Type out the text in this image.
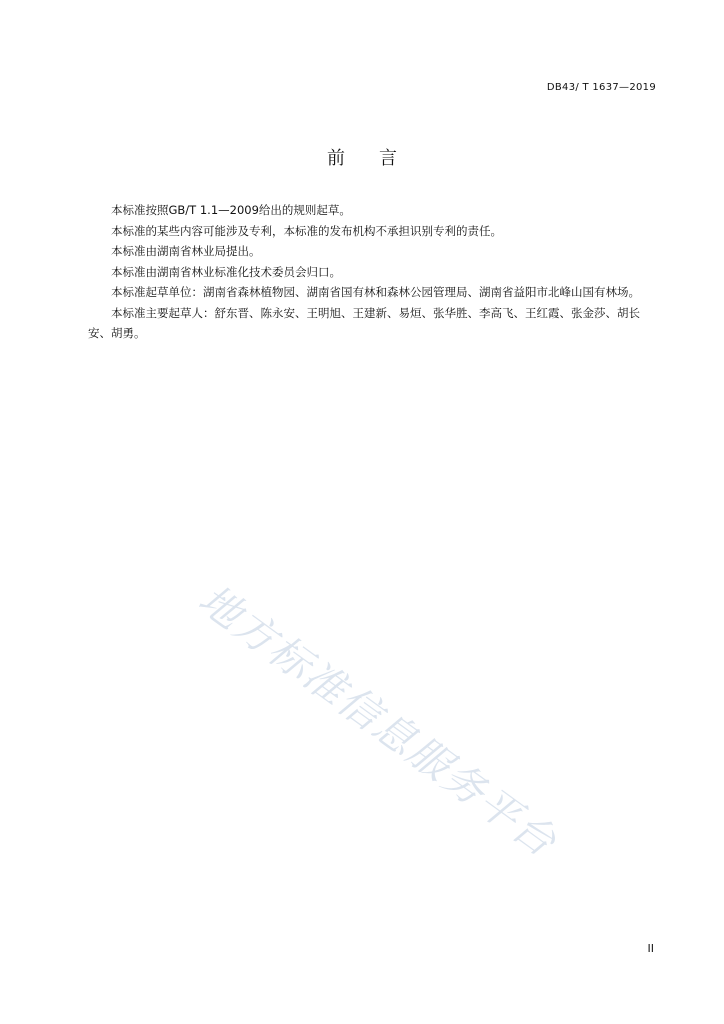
DB43/ T 1637—2019
前 言

本标准按照GB/T 1.1—2009给出的规则起草。

本标准的某些内容可能涉及专利，本标准的发布机构不承担识别专利的责任。

本标准由湖南省林业局提出。

本标准由湖南省林业标准化技术委员会归口。

本标准起草单位：湖南省森林植物园、湖南省国有林和森林公园管理局、湖南省益阳市北峰山国有林场。

本标准主要起草人：舒东晋、陈永安、王明旭、王建新、易烜、张华胜、李高飞、王红霞、张金莎、胡长安、胡勇。

地方标准信息服务平台
II
